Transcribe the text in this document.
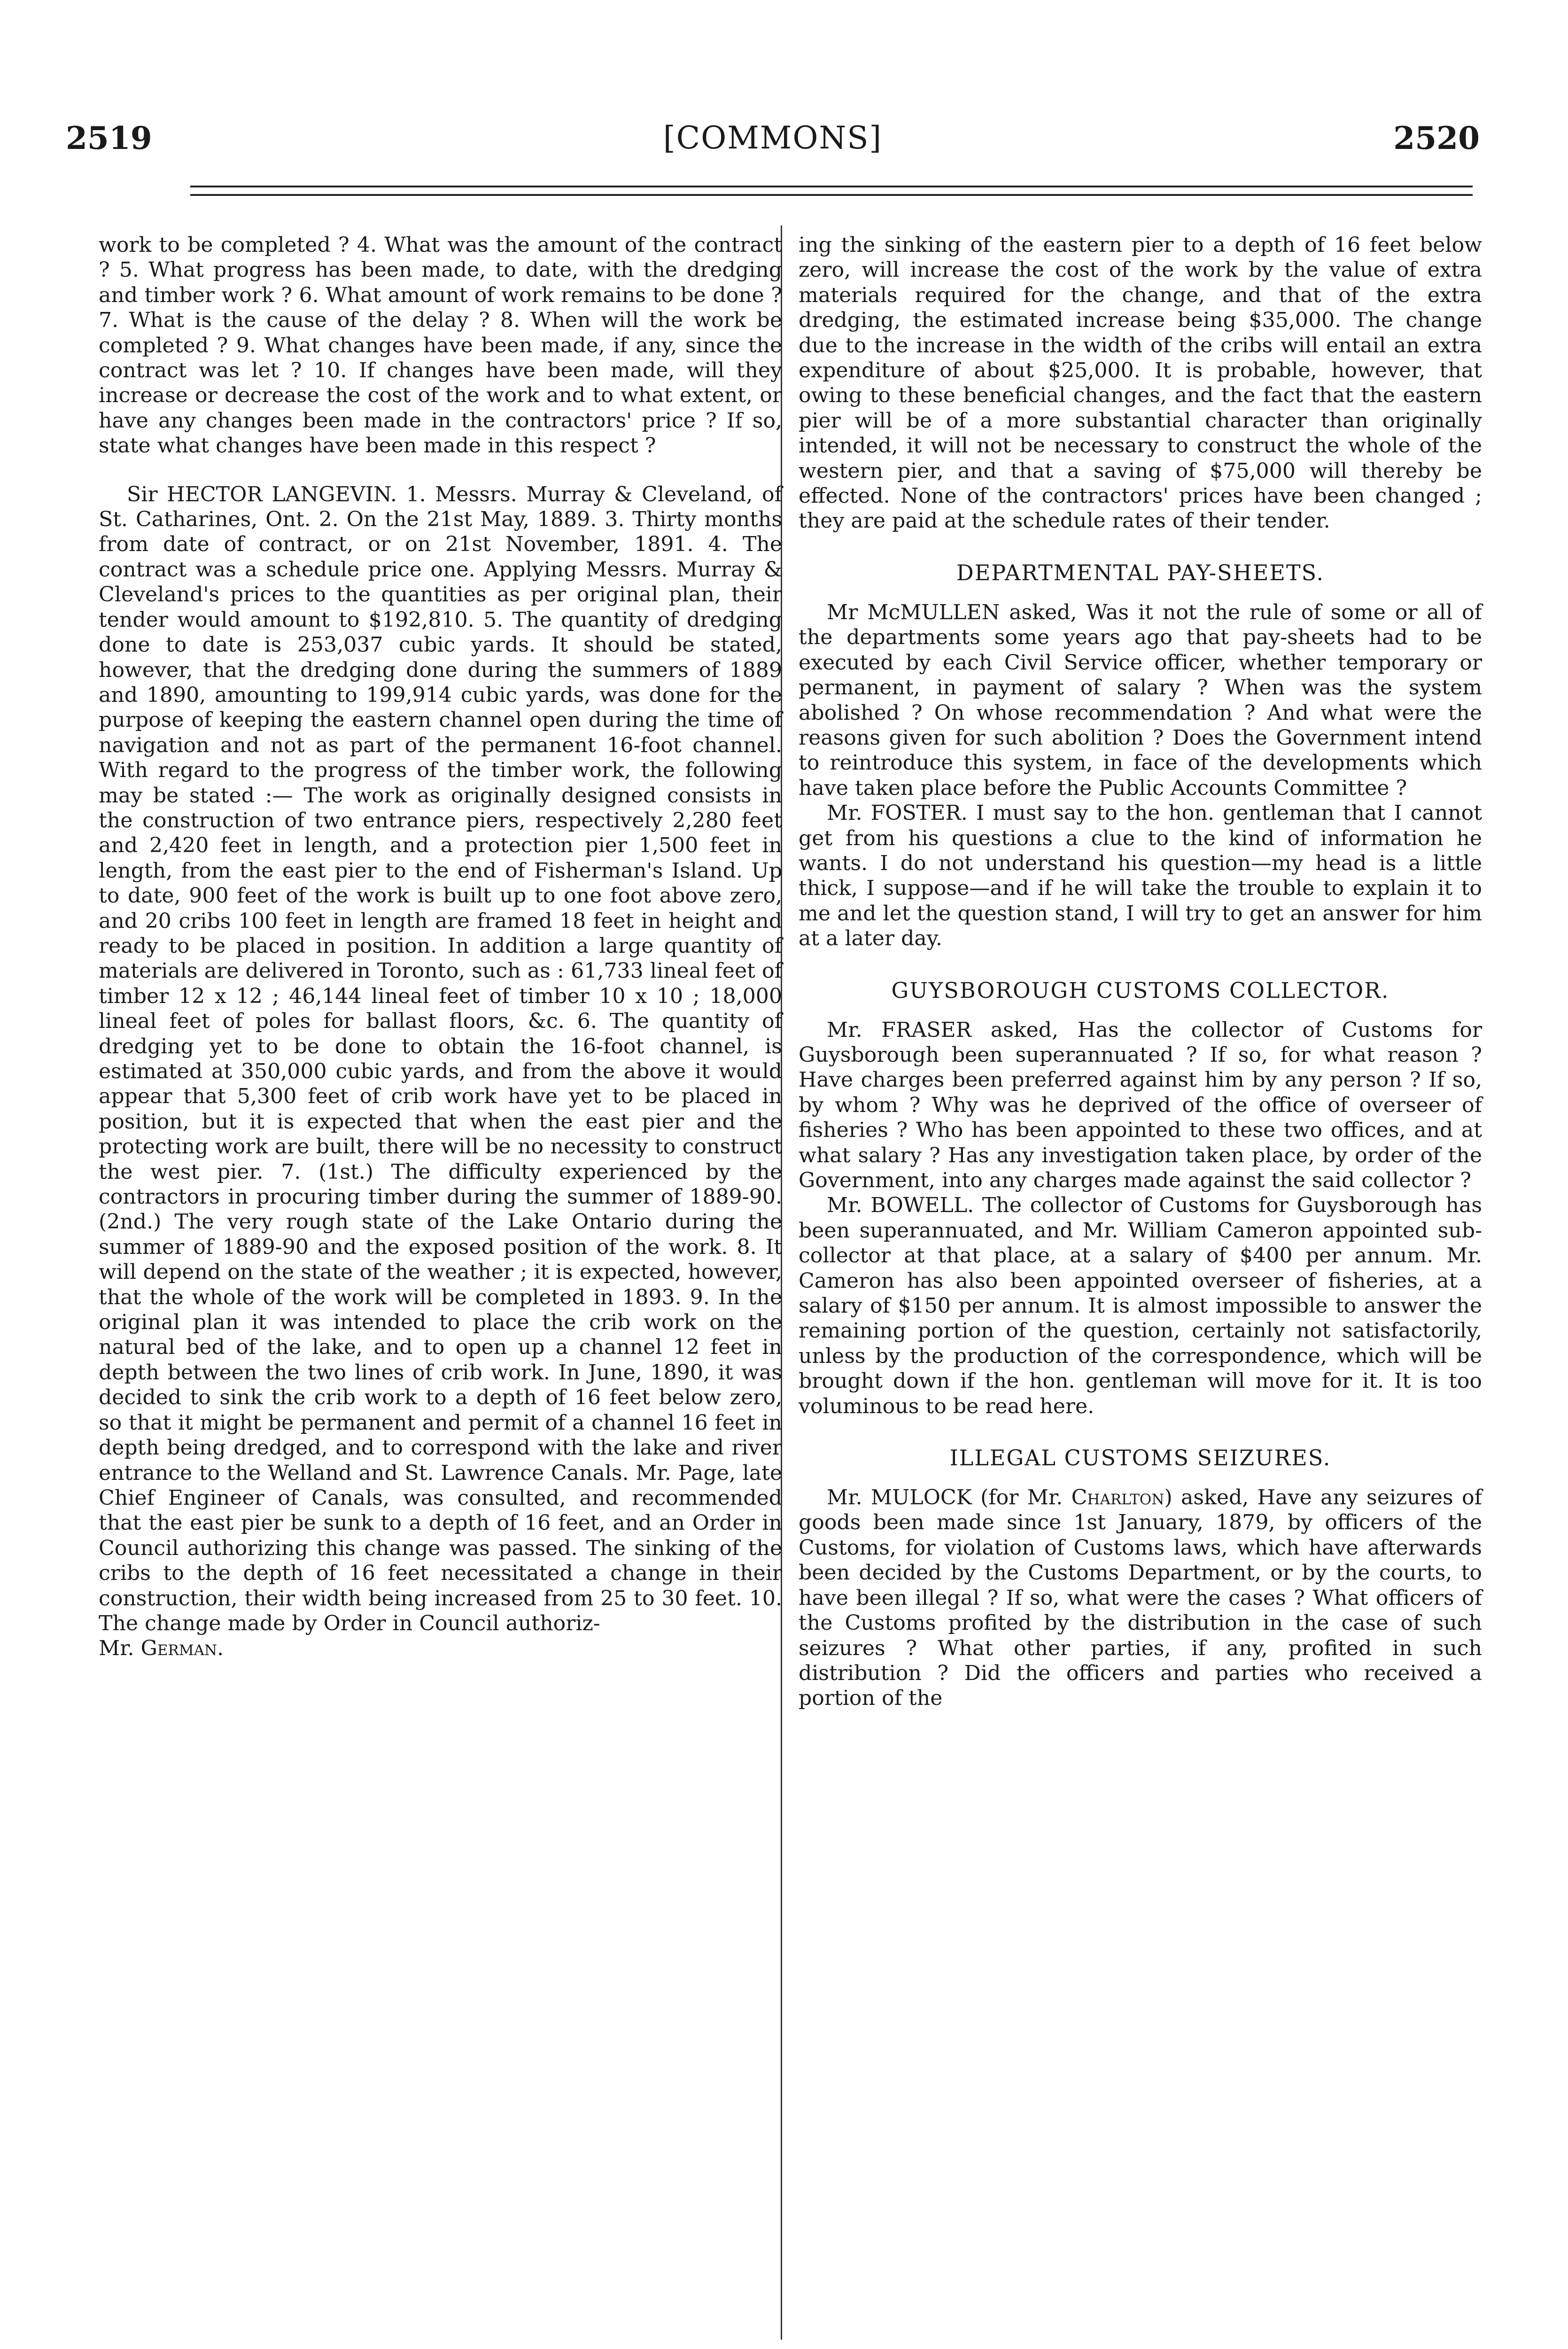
2519	[COMMONS]	2520

work to be completed ? 4. What was the amount of the contract ? 5. What progress has been made, to date, with the dredging and timber work ? 6. What amount of work remains to be done ? 7. What is the cause of the delay ? 8. When will the work be completed ? 9. What changes have been made, if any, since the contract was let ? 10. If changes have been made, will they increase or decrease the cost of the work and to what extent, or have any changes been made in the contractors' price ? If so, state what changes have been made in this respect ?

Sir HECTOR LANGEVIN. 1. Messrs. Murray & Cleveland, of St. Catharines, Ont. 2. On the 21st May, 1889. 3. Thirty months from date of contract, or on 21st November, 1891. 4. The contract was a schedule price one. Applying Messrs. Murray & Cleveland's prices to the quantities as per original plan, their tender would amount to $192,810. 5. The quantity of dredging done to date is 253,037 cubic yards. It should be stated, however, that the dredging done during the summers of 1889 and 1890, amounting to 199,914 cubic yards, was done for the purpose of keeping the eastern channel open during the time of navigation and not as part of the permanent 16-foot channel. With regard to the progress of the timber work, the following may be stated :— The work as originally designed consists in the construction of two entrance piers, respectively 2,280 feet and 2,420 feet in length, and a protection pier 1,500 feet in length, from the east pier to the end of Fisherman's Island. Up to date, 900 feet of the work is built up to one foot above zero, and 20 cribs 100 feet in length are framed 18 feet in height and ready to be placed in position. In addition a large quantity of materials are delivered in Toronto, such as : 61,733 lineal feet of timber 12 x 12 ; 46,144 lineal feet of timber 10 x 10 ; 18,000 lineal feet of poles for ballast floors, &c. 6. The quantity of dredging yet to be done to obtain the 16-foot channel, is estimated at 350,000 cubic yards, and from the above it would appear that 5,300 feet of crib work have yet to be placed in position, but it is expected that when the east pier and the protecting work are built, there will be no necessity to construct the west pier. 7. (1st.) The difficulty experienced by the contractors in procuring timber during the summer of 1889-90. (2nd.) The very rough state of the Lake Ontario during the summer of 1889-90 and the exposed position of the work. 8. It will depend on the state of the weather ; it is expected, however, that the whole of the work will be completed in 1893. 9. In the original plan it was intended to place the crib work on the natural bed of the lake, and to open up a channel 12 feet in depth between the two lines of crib work. In June, 1890, it was decided to sink the crib work to a depth of 16 feet below zero, so that it might be permanent and permit of a channel 16 feet in depth being dredged, and to correspond with the lake and river entrance to the Welland and St. Lawrence Canals. Mr. Page, late Chief Engineer of Canals, was consulted, and recommended that the east pier be sunk to a depth of 16 feet, and an Order in Council authorizing this change was passed. The sinking of the cribs to the depth of 16 feet necessitated a change in their construction, their width being increased from 25 to 30 feet. 10. The change made by Order in Council authoriz-

Mr. German.

ing the sinking of the eastern pier to a depth of 16 feet below zero, will increase the cost of the work by the value of extra materials required for the change, and that of the extra dredging, the estimated increase being $35,000. The change due to the increase in the width of the cribs will entail an extra expenditure of about $25,000. It is probable, however, that owing to these beneficial changes, and the fact that the eastern pier will be of a more substantial character than originally intended, it will not be necessary to construct the whole of the western pier, and that a saving of $75,000 will thereby be effected. None of the contractors' prices have been changed ; they are paid at the schedule rates of their tender.

DEPARTMENTAL PAY-SHEETS.

Mr McMULLEN asked, Was it not the rule of some or all of the departments some years ago that pay-sheets had to be executed by each Civil Service officer, whether temporary or permanent, in payment of salary ? When was the system abolished ? On whose recommendation ? And what were the reasons given for such abolition ? Does the Government intend to reintroduce this system, in face of the developments which have taken place before the Public Accounts Committee ?

Mr. FOSTER. I must say to the hon. gentleman that I cannot get from his questions a clue to the kind of information he wants. I do not understand his question—my head is a little thick, I suppose—and if he will take the trouble to explain it to me and let the question stand, I will try to get an answer for him at a later day.

GUYSBOROUGH CUSTOMS COLLECTOR.

Mr. FRASER asked, Has the collector of Customs for Guysborough been superannuated ? If so, for what reason ? Have charges been preferred against him by any person ? If so, by whom ? Why was he deprived of the office of overseer of fisheries ? Who has been appointed to these two offices, and at what salary ? Has any investigation taken place, by order of the Government, into any charges made against the said collector ?

Mr. BOWELL. The collector of Customs for Guysborough has been superannuated, and Mr. William Cameron appointed sub-collector at that place, at a salary of $400 per annum. Mr. Cameron has also been appointed overseer of fisheries, at a salary of $150 per annum. It is almost impossible to answer the remaining portion of the question, certainly not satisfactorily, unless by the production of the correspondence, which will be brought down if the hon. gentleman will move for it. It is too voluminous to be read here.

ILLEGAL CUSTOMS SEIZURES.

Mr. MULOCK (for Mr. Charlton) asked, Have any seizures of goods been made since 1st January, 1879, by officers of the Customs, for violation of Customs laws, which have afterwards been decided by the Customs Department, or by the courts, to have been illegal ? If so, what were the cases ? What officers of the Customs profited by the distribution in the case of such seizures ? What other parties, if any, profited in such distribution ? Did the officers and parties who received a portion of the
